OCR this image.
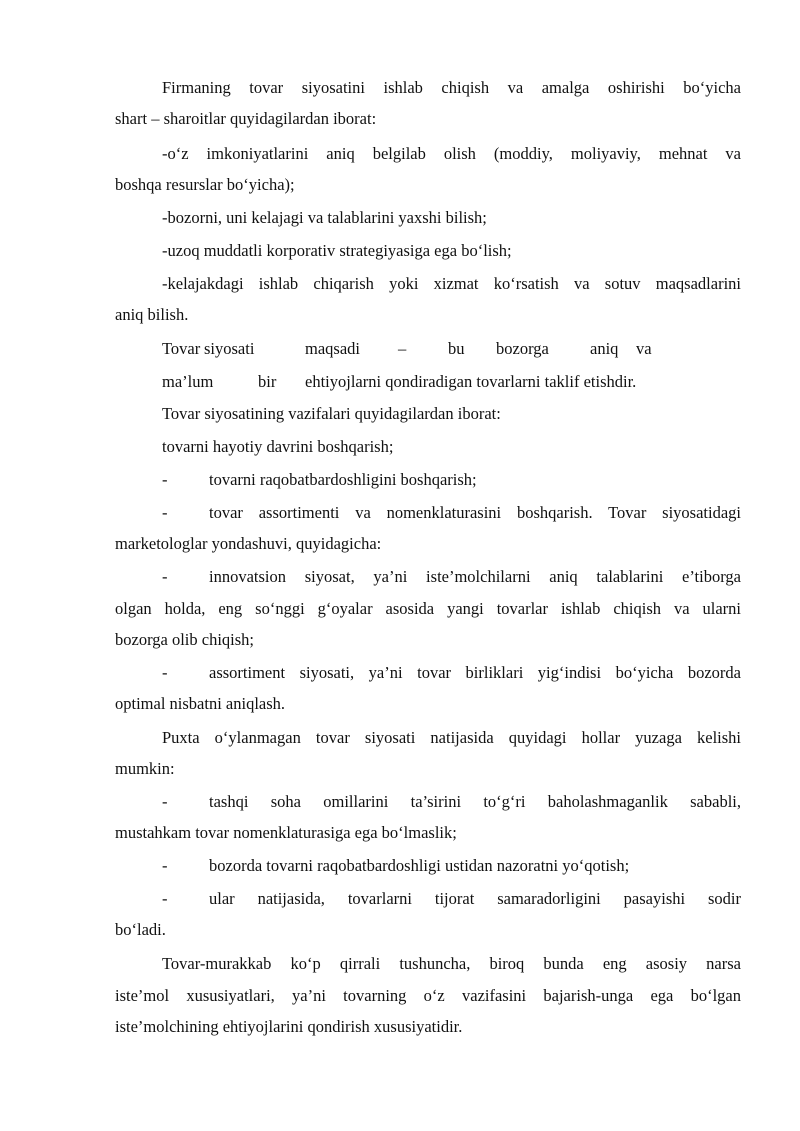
Firmaning tovar siyosatini ishlab chiqish va amalga oshirishi bo‘yicha
shart – sharoitlar quyidagilardan iborat:
-o‘z imkoniyatlarini aniq belgilab olish (moddiy, moliyaviy, mehnat va
boshqa resurslar bo‘yicha);
-bozorni, uni kelajagi va talablarini yaxshi bilish;
-uzoq muddatli korporativ strategiyasiga ega bo‘lish;
-kelajakdagi ishlab chiqarish yoki xizmat ko‘rsatish va sotuv maqsadlarini
aniq bilish.
Tovar siyosati	maqsadi –	bu bozorga aniq va
ma’lum	bir ehtiyojlarni qondiradigan tovarlarni taklif etishdir.
Tovar siyosatining vazifalari quyidagilardan iborat:
tovarni hayotiy davrini boshqarish;
-	tovarni raqobatbardoshligini boshqarish;
-	tovar assortimenti va nomenklaturasini boshqarish. Tovar siyosatidagi
marketologlar yondashuvi, quyidagicha:
-	innovatsion siyosat, ya’ni iste’molchilarni aniq talablarini e’tiborga
olgan holda, eng so‘nggi g‘oyalar asosida yangi tovarlar ishlab chiqish va ularni
bozorga olib chiqish;
-	assortiment siyosati, ya’ni tovar birliklari yig‘indisi bo‘yicha bozorda
optimal nisbatni aniqlash.
Puxta o‘ylanmagan tovar siyosati natijasida quyidagi hollar yuzaga kelishi
mumkin:
-	tashqi soha omillarini ta’sirini to‘g‘ri baholashmaganlik sababli,
mustahkam tovar nomenklaturasiga ega bo‘lmaslik;
-	bozorda tovarni raqobatbardoshligi ustidan nazoratni yo‘qotish;
-	ular natijasida, tovarlarni tijorat samaradorligini pasayishi sodir
bo‘ladi.
Tovar-murakkab ko‘p qirrali tushuncha, biroq bunda eng asosiy narsa
iste’mol xususiyatlari, ya’ni tovarning o‘z vazifasini bajarish-unga ega bo‘lgan
iste’molchining ehtiyojlarini qondirish xususiyatidir.
